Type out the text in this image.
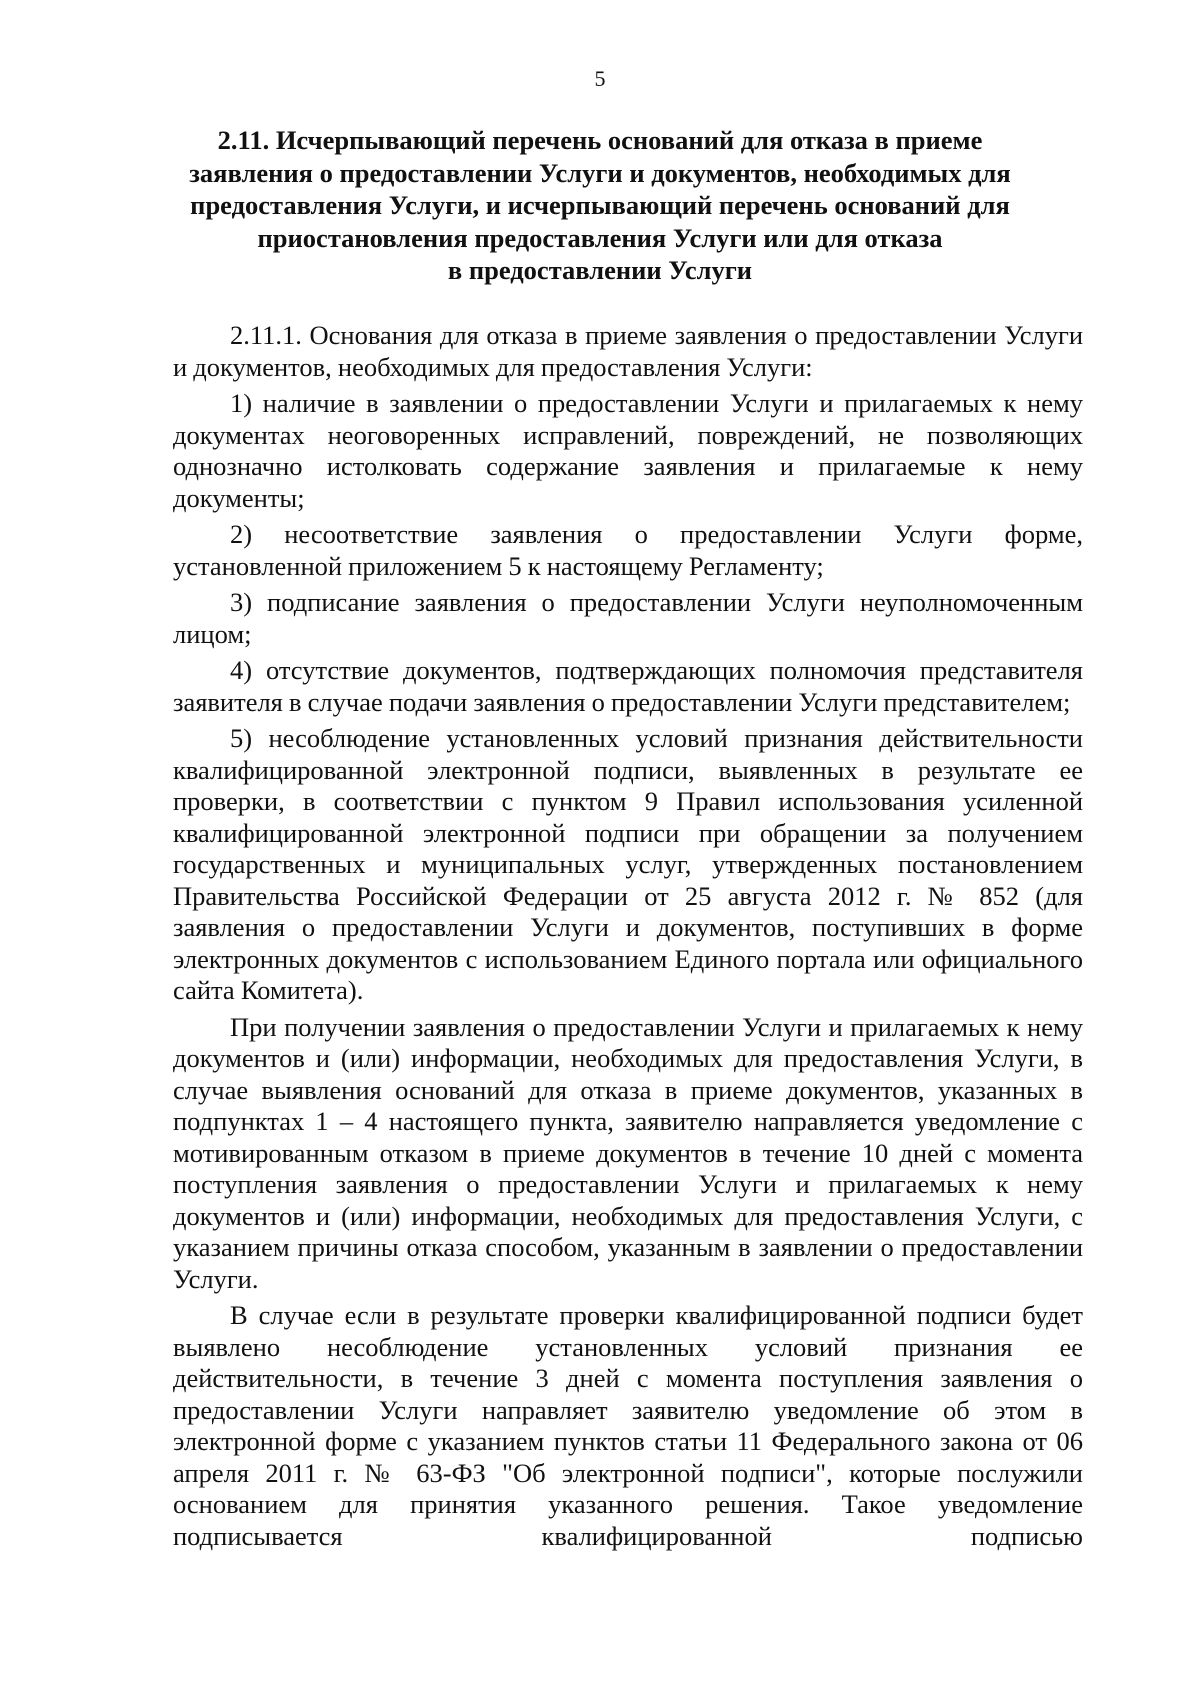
5
2.11. Исчерпывающий перечень оснований для отказа в приеме
заявления о предоставлении Услуги и документов, необходимых для
предоставления Услуги, и исчерпывающий перечень оснований для
приостановления предоставления Услуги или для отказа
в предоставлении Услуги

2.11.1. Основания для отказа в приеме заявления о предоставлении Услуги и документов, необходимых для предоставления Услуги:

1) наличие в заявлении о предоставлении Услуги и прилагаемых к нему документах неоговоренных исправлений, повреждений, не позволяющих однозначно истолковать содержание заявления и прилагаемые к нему документы;

2) несоответствие заявления о предоставлении Услуги форме, установленной приложением 5 к настоящему Регламенту;

3) подписание заявления о предоставлении Услуги неуполномоченным лицом;

4) отсутствие документов, подтверждающих полномочия представителя заявителя в случае подачи заявления о предоставлении Услуги представителем;

5) несоблюдение установленных условий признания действительности квалифицированной электронной подписи, выявленных в результате ее проверки, в соответствии с пунктом 9 Правил использования усиленной квалифицированной электронной подписи при обращении за получением государственных и муниципальных услуг, утвержденных постановлением Правительства Российской Федерации от 25 августа 2012 г. № 852 (для заявления о предоставлении Услуги и документов, поступивших в форме электронных документов с использованием Единого портала или официального сайта Комитета).

При получении заявления о предоставлении Услуги и прилагаемых к нему документов и (или) информации, необходимых для предоставления Услуги, в случае выявления оснований для отказа в приеме документов, указанных в подпунктах 1 – 4 настоящего пункта, заявителю направляется уведомление с мотивированным отказом в приеме документов в течение 10 дней с момента поступления заявления о предоставлении Услуги и прилагаемых к нему документов и (или) информации, необходимых для предоставления Услуги, с указанием причины отказа способом, указанным в заявлении о предоставлении Услуги.

В случае если в результате проверки квалифицированной подписи будет выявлено несоблюдение установленных условий признания ее действительности, в течение 3 дней с момента поступления заявления о предоставлении Услуги направляет заявителю уведомление об этом в электронной форме с указанием пунктов статьи 11 Федерального закона от 06 апреля 2011 г. № 63-ФЗ "Об электронной подписи", которые послужили основанием для принятия указанного решения. Такое уведомление подписывается квалифицированной подписью
